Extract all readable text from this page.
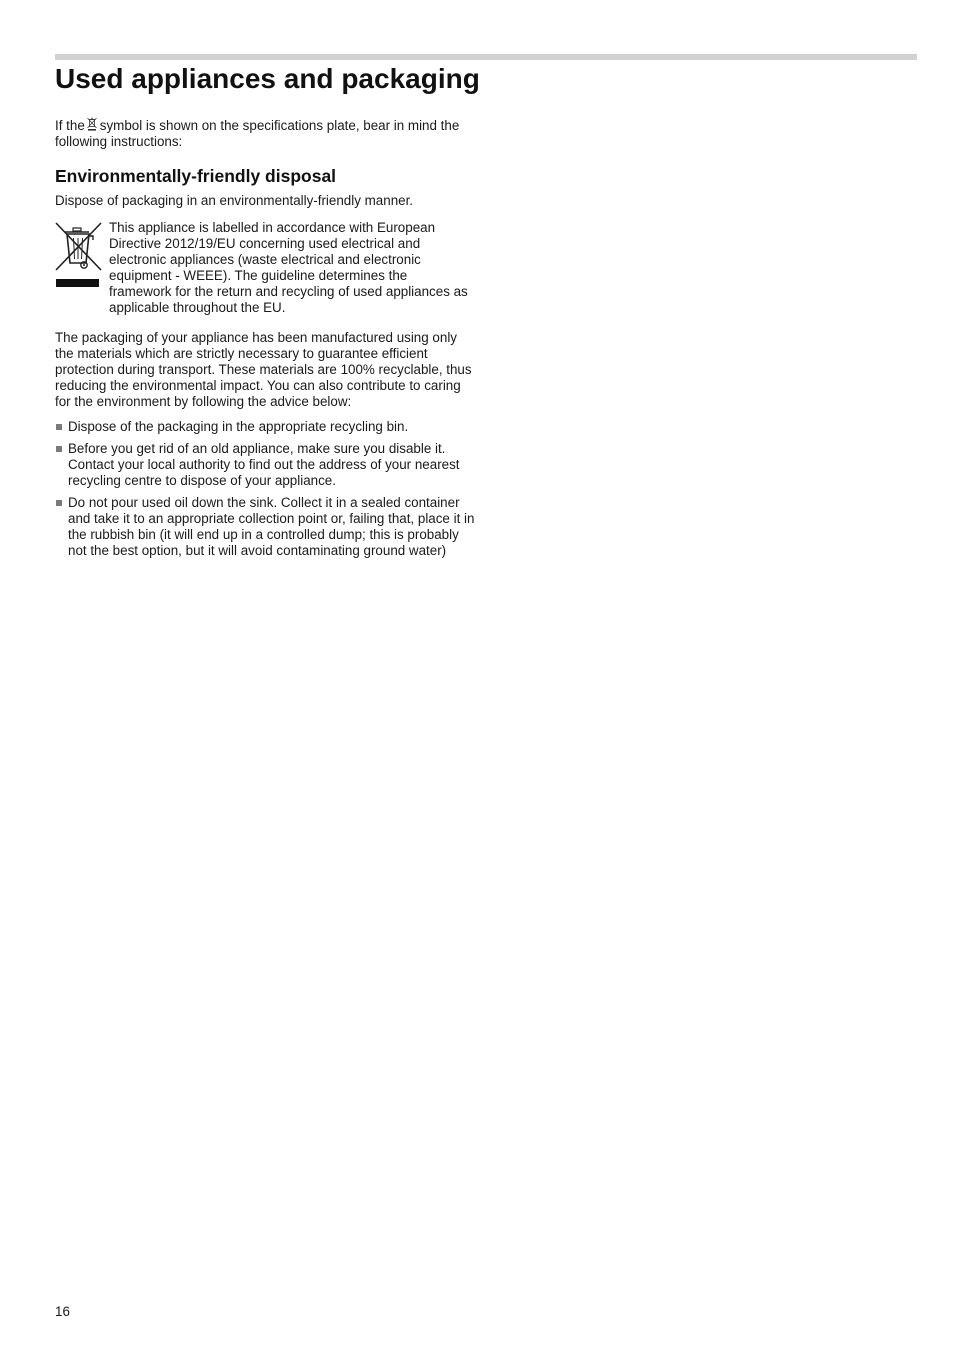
Used appliances and packaging

If the symbol is shown on the specifications plate, bear in mind the following instructions:

Environmentally-friendly disposal

Dispose of packaging in an environmentally-friendly manner.

This appliance is labelled in accordance with European Directive 2012/19/EU concerning used electrical and electronic appliances (waste electrical and electronic equipment - WEEE). The guideline determines the framework for the return and recycling of used appliances as applicable throughout the EU.

The packaging of your appliance has been manufactured using only the materials which are strictly necessary to guarantee efficient protection during transport. These materials are 100% recyclable, thus reducing the environmental impact. You can also contribute to caring for the environment by following the advice below:

Dispose of the packaging in the appropriate recycling bin.
Before you get rid of an old appliance, make sure you disable it. Contact your local authority to find out the address of your nearest recycling centre to dispose of your appliance.
Do not pour used oil down the sink. Collect it in a sealed container and take it to an appropriate collection point or, failing that, place it in the rubbish bin (it will end up in a controlled dump; this is probably not the best option, but it will avoid contaminating ground water)
16
